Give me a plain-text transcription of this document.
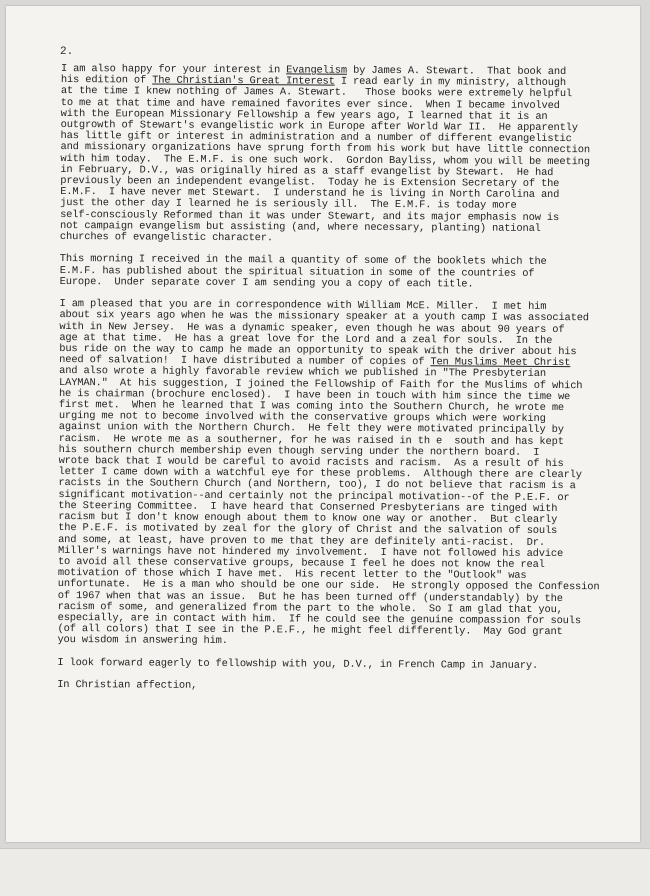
2.
I am also happy for your interest in Evangelism by James A. Stewart.  That book and
his edition of The Christian's Great Interest I read early in my ministry, although
at the time I knew nothing of James A. Stewart.   Those books were extremely helpful
to me at that time and have remained favorites ever since.  When I became involved
with the European Missionary Fellowship a few years ago, I learned that it is an
outgrowth of Stewart's evangelistic work in Europe after World War II.  He apparently
has little gift or interest in administration and a number of different evangelistic
and missionary organizations have sprung forth from his work but have little connection
with him today.  The E.M.F. is one such work.  Gordon Bayliss, whom you will be meeting
in February, D.V., was originally hired as a staff evangelist by Stewart.  He had
previously been an independent evangelist.  Today he is Extension Secretary of the
E.M.F.  I have never met Stewart.  I understand he is living in North Carolina and
just the other day I learned he is seriously ill.  The E.M.F. is today more
self-consciously Reformed than it was under Stewart, and its major emphasis now is
not campaign evangelism but assisting (and, where necessary, planting) national
churches of evangelistic character.
This morning I received in the mail a quantity of some of the booklets which the
E.M.F. has published about the spiritual situation in some of the countries of
Europe.  Under separate cover I am sending you a copy of each title.
I am pleased that you are in correspondence with William McE. Miller.  I met him
about six years ago when he was the missionary speaker at a youth camp I was associated
with in New Jersey.  He was a dynamic speaker, even though he was about 90 years of
age at that time.  He has a great love for the Lord and a zeal for souls.  In the
bus ride on the way to camp he made an opportunity to speak with the driver about his
need of salvation!  I have distributed a number of copies of Ten Muslims Meet Christ
and also wrote a highly favorable review which we published in "The Presbyterian
LAYMAN."  At his suggestion, I joined the Fellowship of Faith for the Muslims of which
he is chairman (brochure enclosed).  I have been in touch with him since the time we
first met.  When he learned that I was coming into the Southern Church, he wrote me
urging me not to become involved with the conservative groups which were working
against union with the Northern Church.  He felt they were motivated principally by
racism.  He wrote me as a southerner, for he was raised in th e  south and has kept
his southern church membership even though serving under the northern board.  I
wrote back that I would be careful to avoid racists and racism.  As a result of his
letter I came down with a watchful eye for these problems.  Although there are clearly
racists in the Southern Church (and Northern, too), I do not believe that racism is a
significant motivation--and certainly not the principal motivation--of the P.E.F. or
the Steering Committee.  I have heard that Conserned Presbyterians are tinged with
racism but I don't know enough about them to know one way or another.  But clearly
the P.E.F. is motivated by zeal for the glory of Christ and the salvation of souls
and some, at least, have proven to me that they are definitely anti-racist.  Dr.
Miller's warnings have not hindered my involvement.  I have not followed his advice
to avoid all these conservative groups, because I feel he does not know the real
motivation of those which I have met.  His recent letter to the "Outlook" was
unfortunate.  He is a man who should be one our side.  He strongly opposed the Confession
of 1967 when that was an issue.  But he has been turned off (understandably) by the
racism of some, and generalized from the part to the whole.  So I am glad that you,
especially, are in contact with him.  If he could see the genuine compassion for souls
(of all colors) that I see in the P.E.F., he might feel differently.  May God grant
you wisdom in answering him.
I look forward eagerly to fellowship with you, D.V., in French Camp in January.
In Christian affection,
